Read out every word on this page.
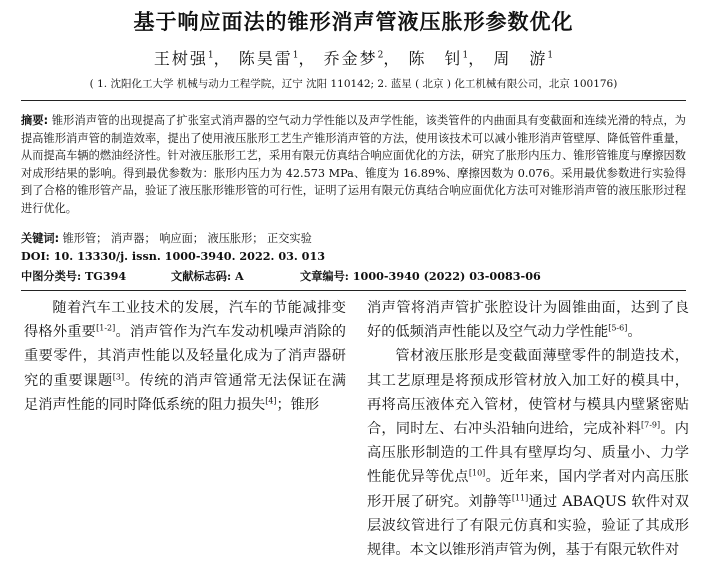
基于响应面法的锥形消声管液压胀形参数优化
王树强$^1$， 陈昊雷$^1$， 乔金梦$^2$， 陈　钊$^1$， 周　游$^1$
( 1. 沈阳化工大学 机械与动力工程学院，辽宁 沈阳 110142; 2. 蓝星 ( 北京 ) 化工机械有限公司，北京 100176)
摘要: 锥形消声管的出现提高了扩张室式消声器的空气动力学性能以及声学性能，该类管件的内曲面具有变截面和连续光滑的特点，为提高锥形消声管的制造效率，提出了使用液压胀形工艺生产锥形消声管的方法，使用该技术可以减小锥形消声管壁厚、降低管件重量，从而提高车辆的燃油经济性。针对液压胀形工艺，采用有限元仿真结合响应面优化的方法，研究了胀形内压力、锥形管锥度与摩擦因数对成形结果的影响。得到最优参数为：胀形内压力为 42.573 MPa、锥度为 16.89%、摩擦因数为 0.076。采用最优参数进行实验得到了合格的锥形管产品，验证了液压胀形锥形管的可行性，证明了运用有限元仿真结合响应面优化方法可对锥形消声管的液压胀形过程进行优化。
关键词: 锥形管； 消声器； 响应面； 液压胀形； 正交实验
DOI: 10. 13330/j. issn. 1000-3940. 2022. 03. 013
中图分类号: TG394	文献标志码: A	文章编号: 1000-3940 (2022) 03-0083-06

随着汽车工业技术的发展，汽车的节能减排变得格外重要[1-2]。消声管作为汽车发动机噪声消除的重要零件，其消声性能以及轻量化成为了消声器研究的重要课题[3]。传统的消声管通常无法保证在满足消声性能的同时降低系统的阻力损失[4]；锥形

消声管将消声管扩张腔设计为圆锥曲面，达到了良好的低频消声性能以及空气动力学性能[5-6]。

管材液压胀形是变截面薄壁零件的制造技术，其工艺原理是将预成形管材放入加工好的模具中，再将高压液体充入管材，使管材与模具内壁紧密贴合，同时左、右冲头沿轴向进给，完成补料[7-9]。内高压胀形制造的工件具有壁厚均匀、质量小、力学性能优异等优点[10]。近年来，国内学者对内高压胀形开展了研究。刘静等[11]通过 ABAQUS 软件对双层波纹管进行了有限元仿真和实验，验证了其成形规律。本文以锥形消声管为例，基于有限元软件对
